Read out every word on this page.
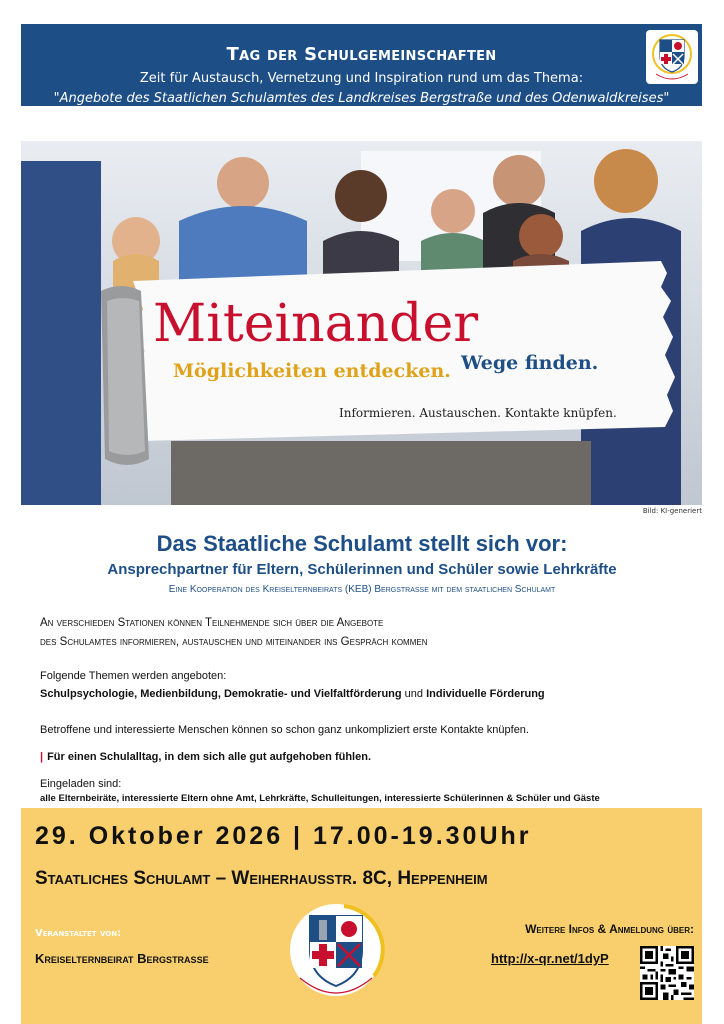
Tag der Schulgemeinschaften
Zeit für Austausch, Vernetzung und Inspiration rund um das Thema:
"Angebote des Staatlichen Schulamtes des Landkreises Bergstraße und des Odenwaldkreises"
Miteinander
Möglichkeiten entdecken. Wege finden.
Informieren. Austauschen. Kontakte knüpfen.
Bild: KI-generiert
Das Staatliche Schulamt stellt sich vor:
Ansprechpartner für Eltern, Schülerinnen und Schüler sowie Lehrkräfte
Eine Kooperation des Kreiselternbeirats (KEB) Bergstraße mit dem staatlichen Schulamt
An verschieden Stationen können Teilnehmende sich über die Angebote
des Schulamtes informieren, austauschen und miteinander ins Gespräch kommen
Folgende Themen werden angeboten:
Schulpsychologie, Medienbildung, Demokratie- und Vielfaltförderung und Individuelle Förderung
Betroffene und interessierte Menschen können so schon ganz unkompliziert erste Kontakte knüpfen.
| Für einen Schulalltag, in dem sich alle gut aufgehoben fühlen.
Eingeladen sind:
alle Elternbeiräte, interessierte Eltern ohne Amt, Lehrkräfte, Schulleitungen, interessierte Schülerinnen & Schüler und Gäste
29. Oktober 2026 | 17.00-19.30Uhr
Staatliches Schulamt – Weiherhausstr. 8C, Heppenheim
Veranstaltet von:
Kreiselternbeirat Bergstrasse
Weitere Infos & Anmeldung über:
http://x-qr.net/1dyP
